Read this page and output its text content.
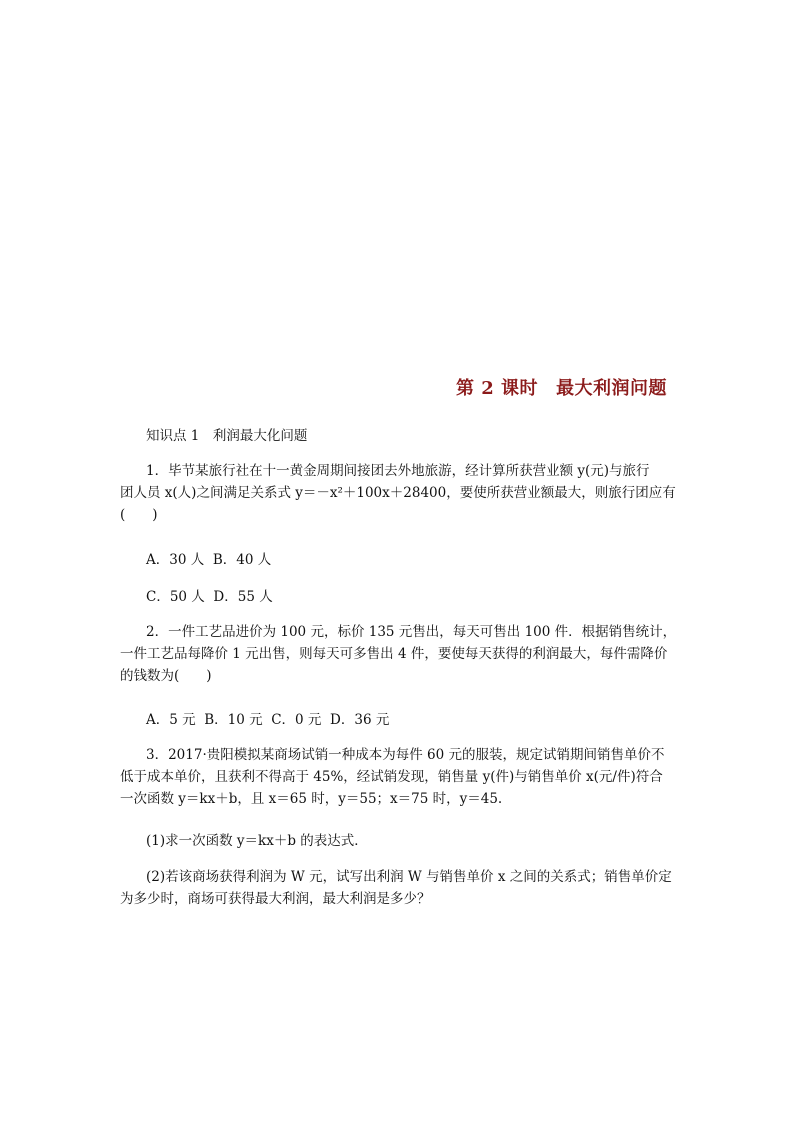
第 2 课时 最大利润问题
知识点 1　利润最大化问题
1．毕节某旅行社在十一黄金周期间接团去外地旅游，经计算所获营业额 y(元)与旅行
团人员 x(人)之间满足关系式 y＝－x²＋100x＋28400，要使所获营业额最大，则旅行团应有
(　　)
A．30 人 B．40 人
C．50 人 D．55 人
2．一件工艺品进价为 100 元，标价 135 元售出，每天可售出 100 件．根据销售统计，
一件工艺品每降价 1 元出售，则每天可多售出 4 件，要使每天获得的利润最大，每件需降价
的钱数为(　　)
A．5 元 B．10 元 C．0 元 D．36 元
3．2017·贵阳模拟某商场试销一种成本为每件 60 元的服装，规定试销期间销售单价不
低于成本单价，且获利不得高于 45%，经试销发现，销售量 y(件)与销售单价 x(元/件)符合
一次函数 y＝kx＋b，且 x＝65 时，y＝55；x＝75 时，y＝45.
(1)求一次函数 y＝kx＋b 的表达式．
(2)若该商场获得利润为 W 元，试写出利润 W 与销售单价 x 之间的关系式；销售单价定
为多少时，商场可获得最大利润，最大利润是多少？
